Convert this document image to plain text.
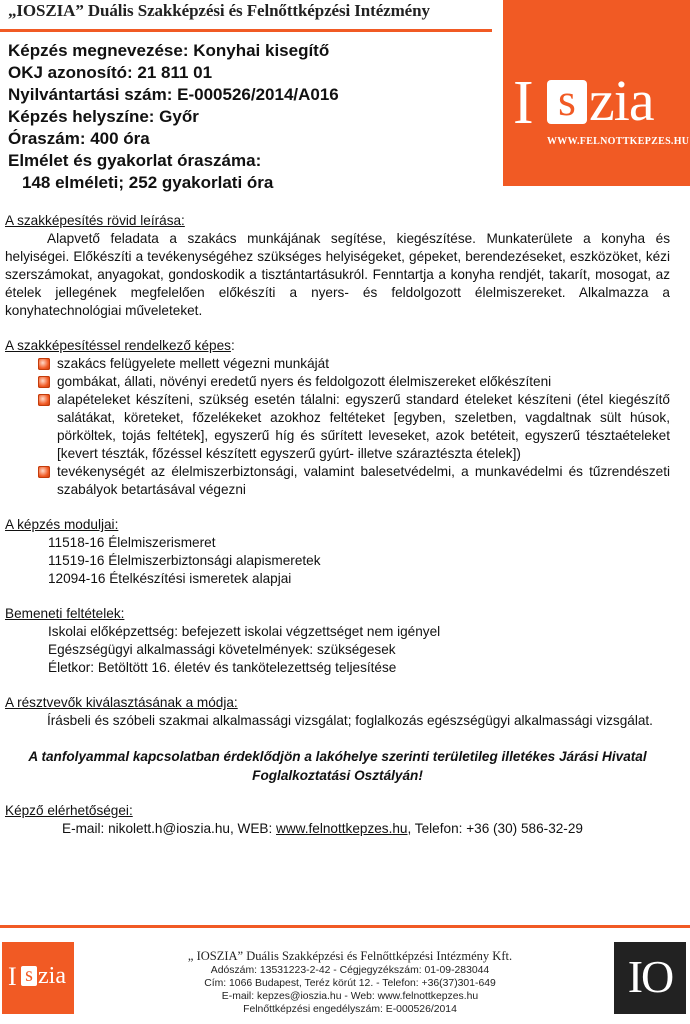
„IOSZIA” Duális Szakképzési és Felnőttképzési Intézmény
I s zia
WWW.FELNOTTKEPZES.HU
Képzés megnevezése: Konyhai kisegítő
OKJ azonosító: 21 811 01
Nyilvántartási szám: E-000526/2014/A016
Képzés helyszíne: Győr
Óraszám: 400 óra
Elmélet és gyakorlat óraszáma:
148 elméleti; 252 gyakorlati óra
A szakképesítés rövid leírása:

Alapvető feladata a szakács munkájának segítése, kiegészítése. Munkaterülete a konyha és helyiségei. Előkészíti a tevékenységéhez szükséges helyiségeket, gépeket, berendezéseket, eszközöket, kézi szerszámokat, anyagokat, gondoskodik a tisztántartásukról. Fenntartja a konyha rendjét, takarít, mosogat, az ételek jellegének megfelelően előkészíti a nyers- és feldolgozott élelmiszereket. Alkalmazza a konyhatechnológiai műveleteket.

A szakképesítéssel rendelkező képes:
szakács felügyelete mellett végezni munkáját
gombákat, állati, növényi eredetű nyers és feldolgozott élelmiszereket előkészíteni
alapételeket készíteni, szükség esetén tálalni: egyszerű standard ételeket készíteni (étel kiegészítő salátákat, köreteket, főzelékeket azokhoz feltéteket [egyben, szeletben, vagdaltnak sült húsok, pörköltek, tojás feltétek], egyszerű híg és sűrített leveseket, azok betéteit, egyszerű tésztaételeket [kevert tészták, főzéssel készített egyszerű gyúrt- illetve száraztészta ételek])
tevékenységét az élelmiszerbiztonsági, valamint balesetvédelmi, a munkavédelmi és tűzrendészeti szabályok betartásával végezni
A képzés moduljai:
11518-16 Élelmiszerismeret
11519-16 Élelmiszerbiztonsági alapismeretek
12094-16 Ételkészítési ismeretek alapjai
Bemeneti feltételek:
Iskolai előképzettség: befejezett iskolai végzettséget nem igényel
Egészségügyi alkalmassági követelmények: szükségesek
Életkor: Betöltött 16. életév és tankötelezettség teljesítése
A résztvevők kiválasztásának a módja:

Írásbeli és szóbeli szakmai alkalmassági vizsgálat; foglalkozás egészségügyi alkalmassági vizsgálat.

A tanfolyammal kapcsolatban érdeklődjön a lakóhelye szerinti területileg illetékes Járási Hivatal Foglalkoztatási Osztályán!
Képző elérhetőségei:
E-mail: nikolett.h@ioszia.hu, WEB: www.felnottkepzes.hu, Telefon: +36 (30) 586-32-29
I s zia
„ IOSZIA” Duális Szakképzési és Felnőttképzési Intézmény Kft.
Adószám: 13531223-2-42 - Cégjegyzékszám: 01-09-283044
Cím: 1066 Budapest, Teréz körút 12. - Telefon: +36(37)301-649
E-mail: kepzes@ioszia.hu - Web: www.felnottkepzes.hu
Felnőttképzési engedélyszám: E-000526/2014
IO
